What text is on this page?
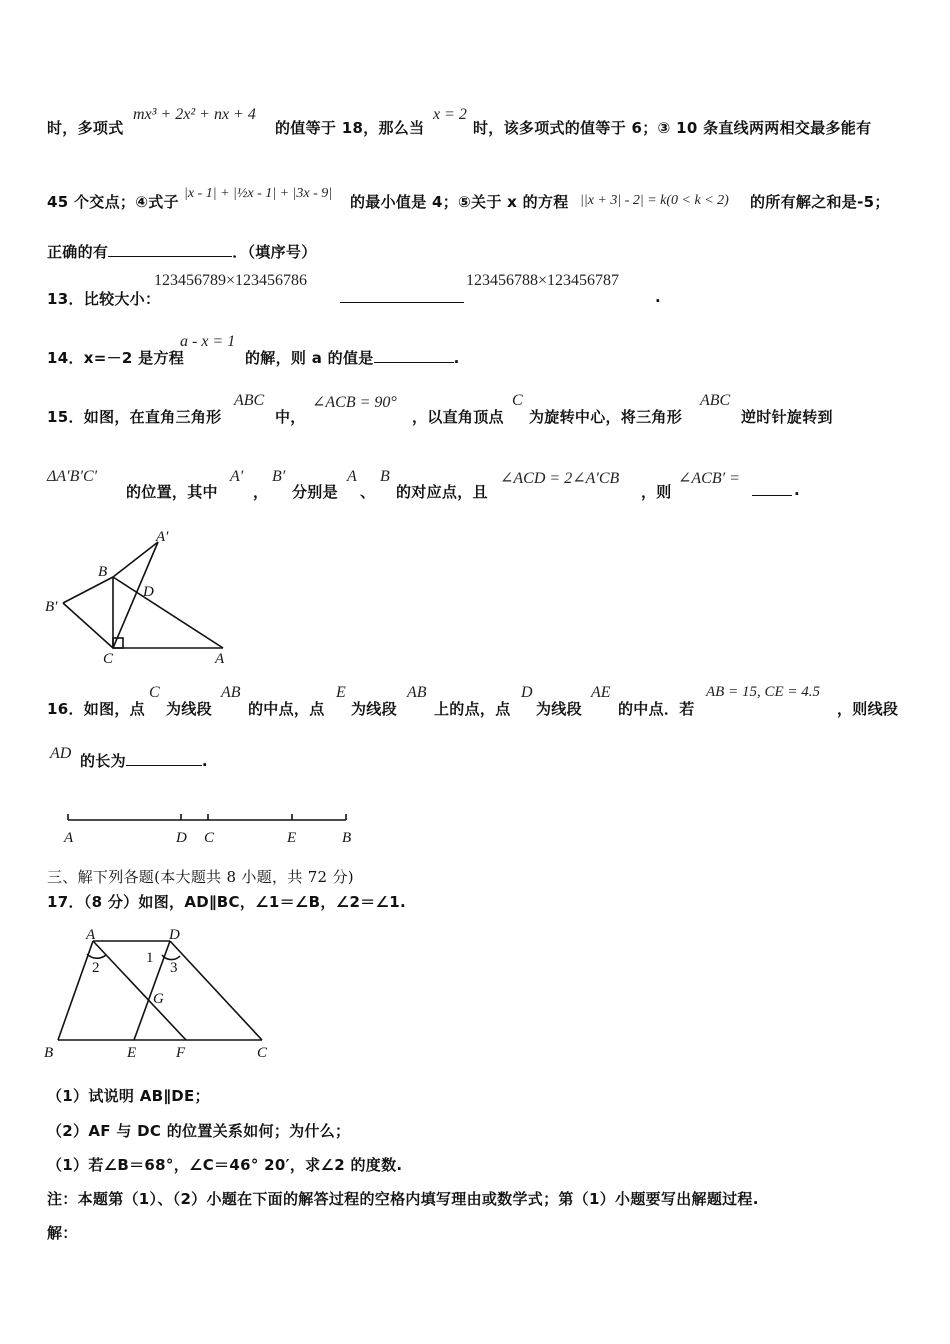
时，多项式
mx³ + 2x² + nx + 4
的值等于 18，那么当
x = 2
时，该多项式的值等于 6；③ 10 条直线两两相交最多能有
45 个交点；④式子 |x - 1| + |½x - 1| + |3x - 9| 的最小值是 4；⑤关于 x 的方程 ||x + 3| - 2| = k(0 < k < 2) 的所有解之和是-5；
正确的有	．（填序号）
13．比较大小：
123456789×123456786	123456788×123456787
.
14．x=－2 是方程
a - x = 1
的解，则 a 的值是	.
15．如图，在直角三角形
ABC
中，
∠ACB = 90°
，以直角顶点
C
为旋转中心，将三角形
ABC
逆时针旋转到
ΔA′B′C′
的位置，其中
A′
，
B′
分别是
A
、
B
的对应点，且
∠ACD = 2∠A′CB
，则
∠ACB′ =
.
A′
B
D
B′
C	A
16．如图，点
C
为线段
AB
的中点，点
E
为线段
AB
上的点，点
D
为线段
AE
的中点．若
AB = 15, CE = 4.5
，则线段
AD 的长为	.
A	D C	E	B
三、解下列各题(本大题共 8 小题，共 72 分)
17．（8 分）如图，AD∥BC，∠1＝∠B，∠2＝∠1.
A	D
2
1
3
G
B	E	F	C
（1）试说明 AB∥DE；
（2）AF 与 DC 的位置关系如何；为什么；
（1）若∠B＝68°，∠C＝46° 20′，求∠2 的度数.
注：本题第（1）、（2）小题在下面的解答过程的空格内填写理由或数学式；第（1）小题要写出解题过程.
解：
